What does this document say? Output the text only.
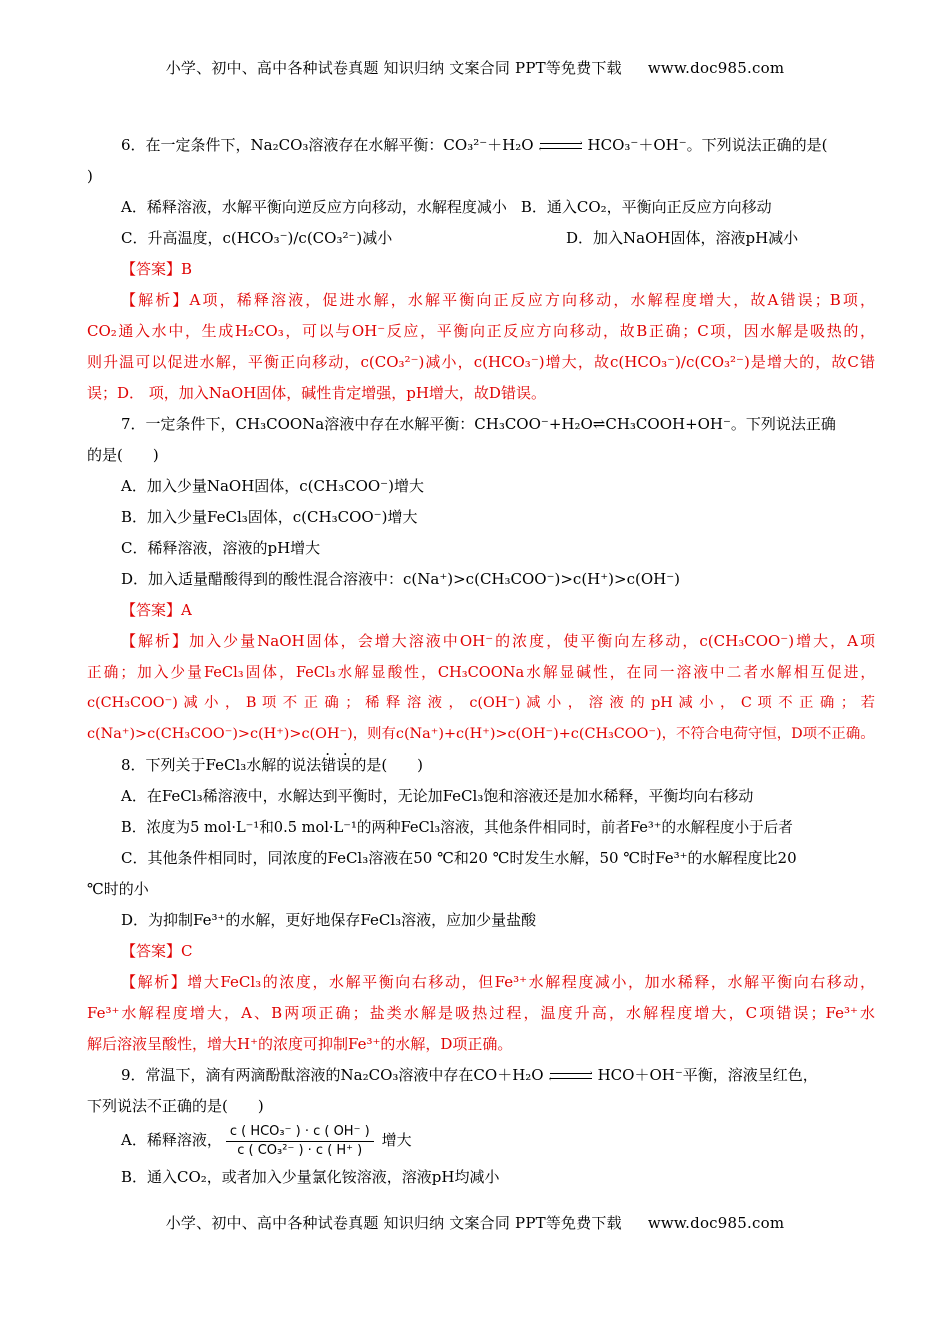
小学、初中、高中各种试卷真题 知识归纳 文案合同 PPT等免费下载 www.doc985.com

6．在一定条件下，Na₂CO₃溶液存在水解平衡：CO₃²⁻＋H₂O	›
‹	HCO₃⁻＋OH⁻。下列说法正确的是(

)

A．稀释溶液，水解平衡向逆反应方向移动，水解程度减小 B．通入CO₂，平衡向正反应方向移动

C．升高温度，c(HCO₃⁻)/c(CO₃²⁻)减小	D．加入NaOH固体，溶液pH减小

【答案】B

【解析】A项，稀释溶液，促进水解，水解平衡向正反应方向移动，水解程度增大，故A错误；B项，

CO₂通入水中，生成H₂CO₃，可以与OH⁻反应，平衡向正反应方向移动，故B正确；C项，因水解是吸热的，

则升温可以促进水解，平衡正向移动，c(CO₃²⁻)减小，c(HCO₃⁻)增大，故c(HCO₃⁻)/c(CO₃²⁻)是增大的，故C错

误；D． 项，加入NaOH固体，碱性肯定增强，pH增大，故D错误。

7．一定条件下，CH₃COONa溶液中存在水解平衡：CH₃COO⁻+H₂O⇌CH₃COOH+OH⁻。下列说法正确

的是(　　)

A．加入少量NaOH固体，c(CH₃COO⁻)增大

B．加入少量FeCl₃固体，c(CH₃COO⁻)增大

C．稀释溶液，溶液的pH增大

D．加入适量醋酸得到的酸性混合溶液中：c(Na⁺)>c(CH₃COO⁻)>c(H⁺)>c(OH⁻)

【答案】A

【解析】加入少量NaOH固体，会增大溶液中OH⁻的浓度，使平衡向左移动，c(CH₃COO⁻)增大，A项

正确；加入少量FeCl₃固体，FeCl₃水解显酸性，CH₃COONa水解显碱性，在同一溶液中二者水解相互促进，

c(CH₃COO⁻) 减 小 ， B 项 不 正 确 ； 稀 释 溶 液 ， c(OH⁻) 减 小 ， 溶 液 的 pH 减 小 ， C 项 不 正 确 ； 若

c(Na⁺)>c(CH₃COO⁻)>c(H⁺)>c(OH⁻)，则有c(Na⁺)+c(H⁺)>c(OH⁻)+c(CH₃COO⁻)，不符合电荷守恒，D项不正确。

8．下列关于FeCl₃水解的说法错误 · ·的是(　　)

A．在FeCl₃稀溶液中，水解达到平衡时，无论加FeCl₃饱和溶液还是加水稀释，平衡均向右移动

B．浓度为5 mol·L⁻¹和0.5 mol·L⁻¹的两种FeCl₃溶液，其他条件相同时，前者Fe³⁺的水解程度小于后者

C．其他条件相同时，同浓度的FeCl₃溶液在50 ℃和20 ℃时发生水解，50 ℃时Fe³⁺的水解程度比20

℃时的小

D．为抑制Fe³⁺的水解，更好地保存FeCl₃溶液，应加少量盐酸

【答案】C

【解析】增大FeCl₃的浓度，水解平衡向右移动，但Fe³⁺水解程度减小，加水稀释，水解平衡向右移动，

Fe³⁺水解程度增大，A、B两项正确；盐类水解是吸热过程，温度升高，水解程度增大，C项错误；Fe³⁺水

解后溶液呈酸性，增大H⁺的浓度可抑制Fe³⁺的水解，D项正确。

9．常温下，滴有两滴酚酞溶液的Na₂CO₃溶液中存在CO＋H₂O	›
‹	HCO＋OH⁻平衡，溶液呈红色，

下列说法不正确的是(　　)

A．稀释溶液， $\frac{\text{c ( HCO₃⁻ ) · c ( OH⁻ )}}{\text{c ( CO₃²⁻ ) · c ( H⁺ )}}$ 增大

B．通入CO₂，或者加入少量氯化铵溶液，溶液pH均减小

小学、初中、高中各种试卷真题 知识归纳 文案合同 PPT等免费下载 www.doc985.com
